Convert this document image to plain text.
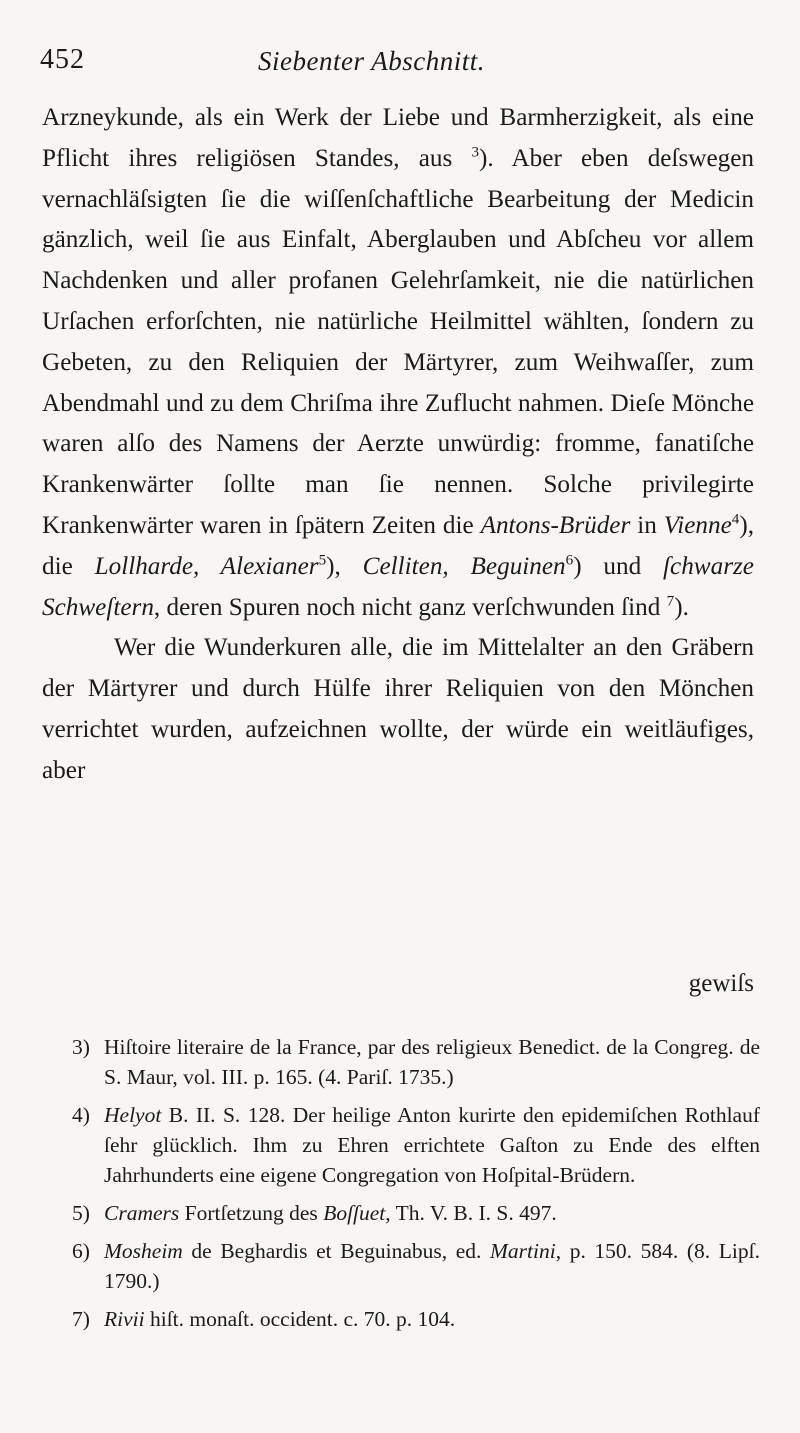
452	Siebenter Abschnitt.

Arzneykunde, als ein Werk der Liebe und Barmherzigkeit, als eine Pflicht ihres religiösen Standes, aus $^3$). Aber eben deſswegen vernachläſsigten ſie die wiſſenſchaftliche Bearbeitung der Medicin gänzlich, weil ſie aus Einfalt, Aberglauben und Abſcheu vor allem Nachdenken und aller profanen Gelehrſamkeit, nie die natürlichen Urſachen erforſchten, nie natürliche Heilmittel wählten, ſondern zu Gebeten, zu den Reliquien der Märtyrer, zum Weihwaſſer, zum Abendmahl und zu dem Chriſma ihre Zuflucht nahmen. Dieſe Mönche waren alſo des Namens der Aerzte unwürdig: fromme, fanatiſche Krankenwärter ſollte man ſie nennen. Solche privilegirte Krankenwärter waren in ſpätern Zeiten die Antons-Brüder in Vienne$^4$), die Lollharde, Alexianer$^5$), Celliten, Beguinen$^6$) und ſchwarze Schweſtern, deren Spuren noch nicht ganz verſchwunden ſind $^7$).

Wer die Wunderkuren alle, die im Mittelalter an den Gräbern der Märtyrer und durch Hülfe ihrer Reliquien von den Mönchen verrichtet wurden, aufzeichnen wollte, der würde ein weitläufiges, aber

gewiſs
3) Hiſtoire literaire de la France, par des religieux Benedict. de la Congreg. de S. Maur, vol. III. p. 165. (4. Pariſ. 1735.)
4) Helyot B. II. S. 128. Der heilige Anton kurirte den epidemiſchen Rothlauf ſehr glücklich. Ihm zu Ehren errichtete Gaſton zu Ende des elften Jahrhunderts eine eigene Congregation von Hoſpital-Brüdern.
5) Cramers Fortſetzung des Boſſuet, Th. V. B. I. S. 497.
6) Mosheim de Beghardis et Beguinabus, ed. Martini, p. 150. 584. (8. Lipſ. 1790.)
7) Rivii hiſt. monaſt. occident. c. 70. p. 104.
